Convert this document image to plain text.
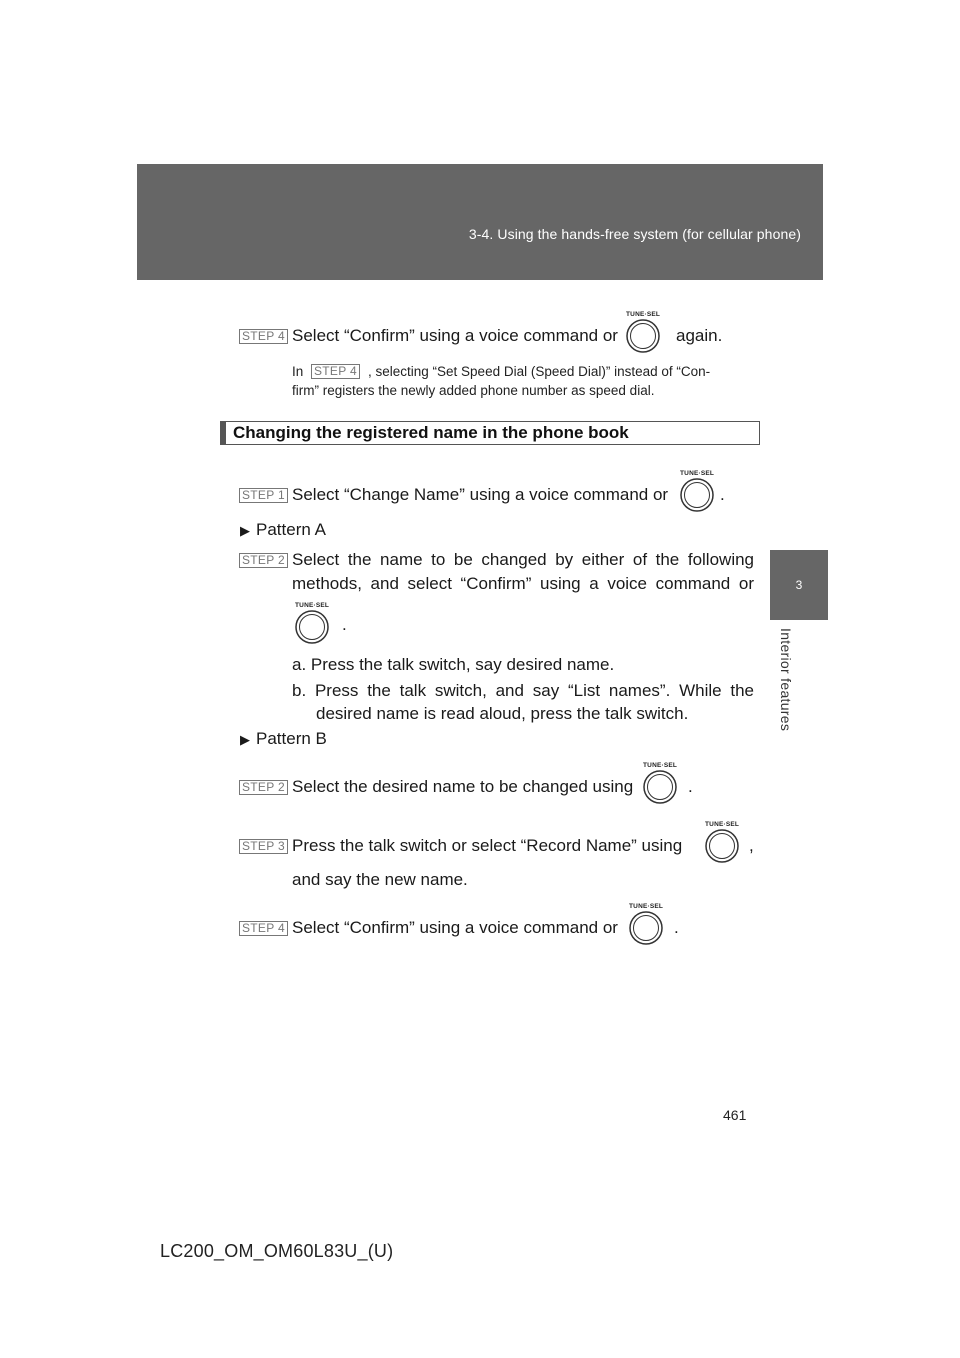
3-4. Using the hands-free system (for cellular phone)
3
Interior features
STEP 4 Select “Confirm” using a voice command or
TUNE·SEL
again.
In STEP 4 , selecting “Set Speed Dial (Speed Dial)” instead of “Con-
firm” registers the newly added phone number as speed dial.
Changing the registered name in the phone book
STEP 1 Select “Change Name” using a voice command or
TUNE·SEL
.
▶ Pattern A
STEP 2 Select the name to be changed by either of the following
methods, and select “Confirm” using a voice command or
TUNE·SEL
.
a. Press the talk switch, say desired name.
b. Press the talk switch, and say “List names”. While the
desired name is read aloud, press the talk switch.
▶ Pattern B
STEP 2 Select the desired name to be changed using
TUNE·SEL
.
STEP 3 Press the talk switch or select “Record Name” using
TUNE·SEL
,
and say the new name.
STEP 4 Select “Confirm” using a voice command or
TUNE·SEL
.
461
LC200_OM_OM60L83U_(U)
